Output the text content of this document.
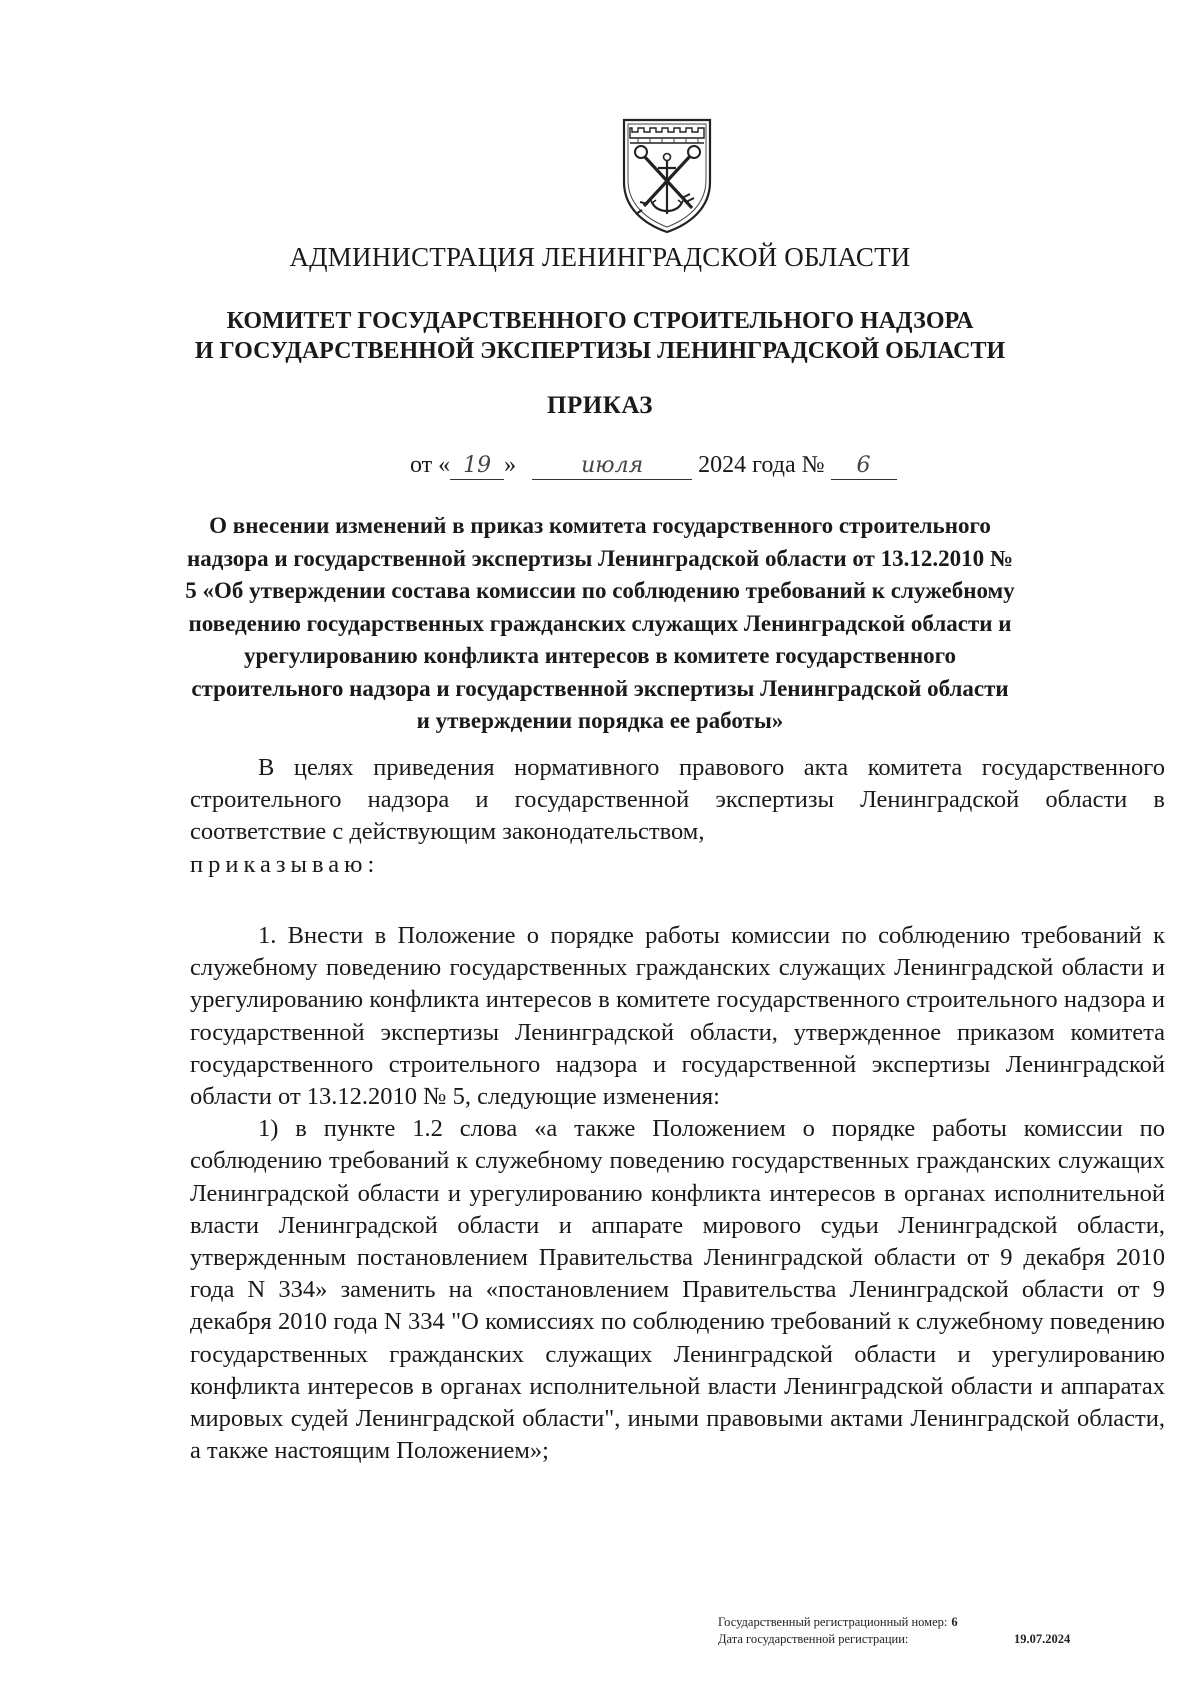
АДМИНИСТРАЦИЯ ЛЕНИНГРАДСКОЙ ОБЛАСТИ
КОМИТЕТ ГОСУДАРСТВЕННОГО СТРОИТЕЛЬНОГО НАДЗОРА
И ГОСУДАРСТВЕННОЙ ЭКСПЕРТИЗЫ ЛЕНИНГРАДСКОЙ ОБЛАСТИ
ПРИКАЗ
от « 19 »	июля 2024 года № 6
О внесении изменений в приказ комитета государственного строительного надзора и государственной экспертизы Ленинградской области от 13.12.2010 № 5 «Об утверждении состава комиссии по соблюдению требований к служебному поведению государственных гражданских служащих Ленинградской области и урегулированию конфликта интересов в комитете государственного строительного надзора и государственной экспертизы Ленинградской области и утверждении порядка ее работы»

В целях приведения нормативного правового акта комитета государственного строительного надзора и государственной экспертизы Ленинградской области в соответствие с действующим законодательством,

приказываю:

1. Внести в Положение о порядке работы комиссии по соблюдению требований к служебному поведению государственных гражданских служащих Ленинградской области и урегулированию конфликта интересов в комитете государственного строительного надзора и государственной экспертизы Ленинградской области, утвержденное приказом комитета государственного строительного надзора и государственной экспертизы Ленинградской области от 13.12.2010 № 5, следующие изменения:

1) в пункте 1.2 слова «а также Положением о порядке работы комиссии по соблюдению требований к служебному поведению государственных гражданских служащих Ленинградской области и урегулированию конфликта интересов в органах исполнительной власти Ленинградской области и аппарате мирового судьи Ленинградской области, утвержденным постановлением Правительства Ленинградской области от 9 декабря 2010 года N 334» заменить на «постановлением Правительства Ленинградской области от 9 декабря 2010 года N 334 "О комиссиях по соблюдению требований к служебному поведению государственных гражданских служащих Ленинградской области и урегулированию конфликта интересов в органах исполнительной власти Ленинградской области и аппаратах мировых судей Ленинградской области", иными правовыми актами Ленинградской области, а также настоящим Положением»;

Государственный регистрационный номер: 6
Дата государственной регистрации:	19.07.2024
